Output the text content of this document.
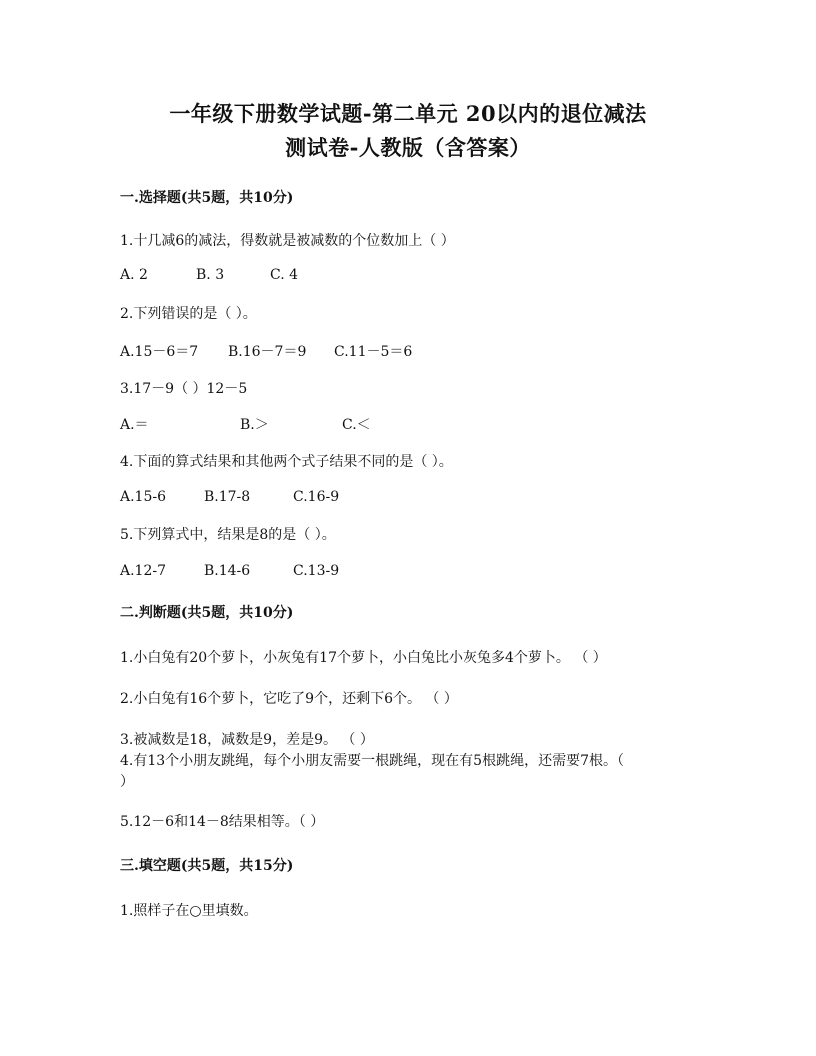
一年级下册数学试题-第二单元 20以内的退位减法
测试卷-人教版（含答案）
一.选择题(共5题，共10分)
1.十几减6的减法，得数就是被减数的个位数加上（ ）
A. 2	B. 3	C. 4
2.下列错误的是（ ）。
A.15－6＝7 B.16－7＝9 C.11－5＝6
3.17－9（ ）12－5
A.＝	B.＞	C.＜
4.下面的算式结果和其他两个式子结果不同的是（ ）。
A.15-6	B.17-8	C.16-9
5.下列算式中，结果是8的是（ ）。
A.12-7	B.14-6	C.13-9
二.判断题(共5题，共10分)
1.小白兔有20个萝卜，小灰兔有17个萝卜，小白兔比小灰兔多4个萝卜。 （ ）
2.小白兔有16个萝卜，它吃了9个，还剩下6个。 （ ）
3.被减数是18，减数是9，差是9。 （ ）
4.有13个小朋友跳绳，每个小朋友需要一根跳绳，现在有5根跳绳，还需要7根。（
）
5.12－6和14－8结果相等。（ ）
三.填空题(共5题，共15分)
1.照样子在○里填数。
